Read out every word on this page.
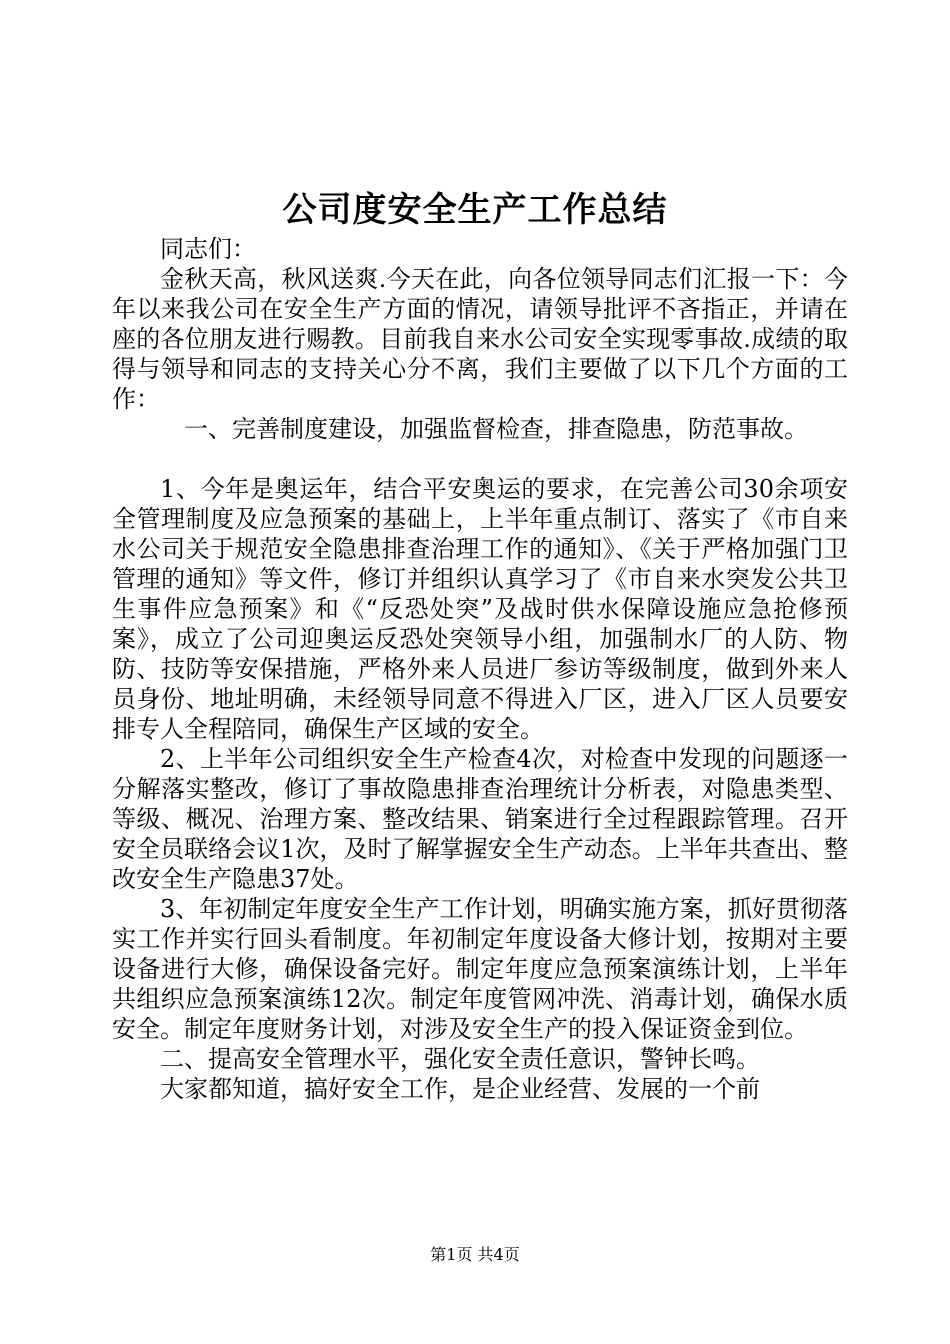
公司度安全生产工作总结

同志们：

金秋天高，秋风送爽.今天在此，向各位领导同志们汇报一下：今年以来我公司在安全生产方面的情况，请领导批评不吝指正，并请在座的各位朋友进行赐教。目前我自来水公司安全实现零事故.成绩的取得与领导和同志的支持关心分不离，我们主要做了以下几个方面的工作：

一、完善制度建设，加强监督检查，排查隐患，防范事故。

1、今年是奥运年，结合平安奥运的要求，在完善公司30余项安全管理制度及应急预案的基础上，上半年重点制订、落实了《市自来水公司关于规范安全隐患排查治理工作的通知》、《关于严格加强门卫管理的通知》等文件，修订并组织认真学习了《市自来水突发公共卫生事件应急预案》和《“反恐处突”及战时供水保障设施应急抢修预案》，成立了公司迎奥运反恐处突领导小组，加强制水厂的人防、物防、技防等安保措施，严格外来人员进厂参访等级制度，做到外来人员身份、地址明确，未经领导同意不得进入厂区，进入厂区人员要安排专人全程陪同，确保生产区域的安全。

2、上半年公司组织安全生产检查4次，对检查中发现的问题逐一分解落实整改，修订了事故隐患排查治理统计分析表，对隐患类型、等级、概况、治理方案、整改结果、销案进行全过程跟踪管理。召开安全员联络会议1次，及时了解掌握安全生产动态。上半年共查出、整改安全生产隐患37处。

3、年初制定年度安全生产工作计划，明确实施方案，抓好贯彻落实工作并实行回头看制度。年初制定年度设备大修计划，按期对主要设备进行大修，确保设备完好。制定年度应急预案演练计划，上半年共组织应急预案演练12次。制定年度管网冲洗、消毒计划，确保水质安全。制定年度财务计划，对涉及安全生产的投入保证资金到位。

二、提高安全管理水平，强化安全责任意识，警钟长鸣。

大家都知道，搞好安全工作，是企业经营、发展的一个前

第1页 共4页
